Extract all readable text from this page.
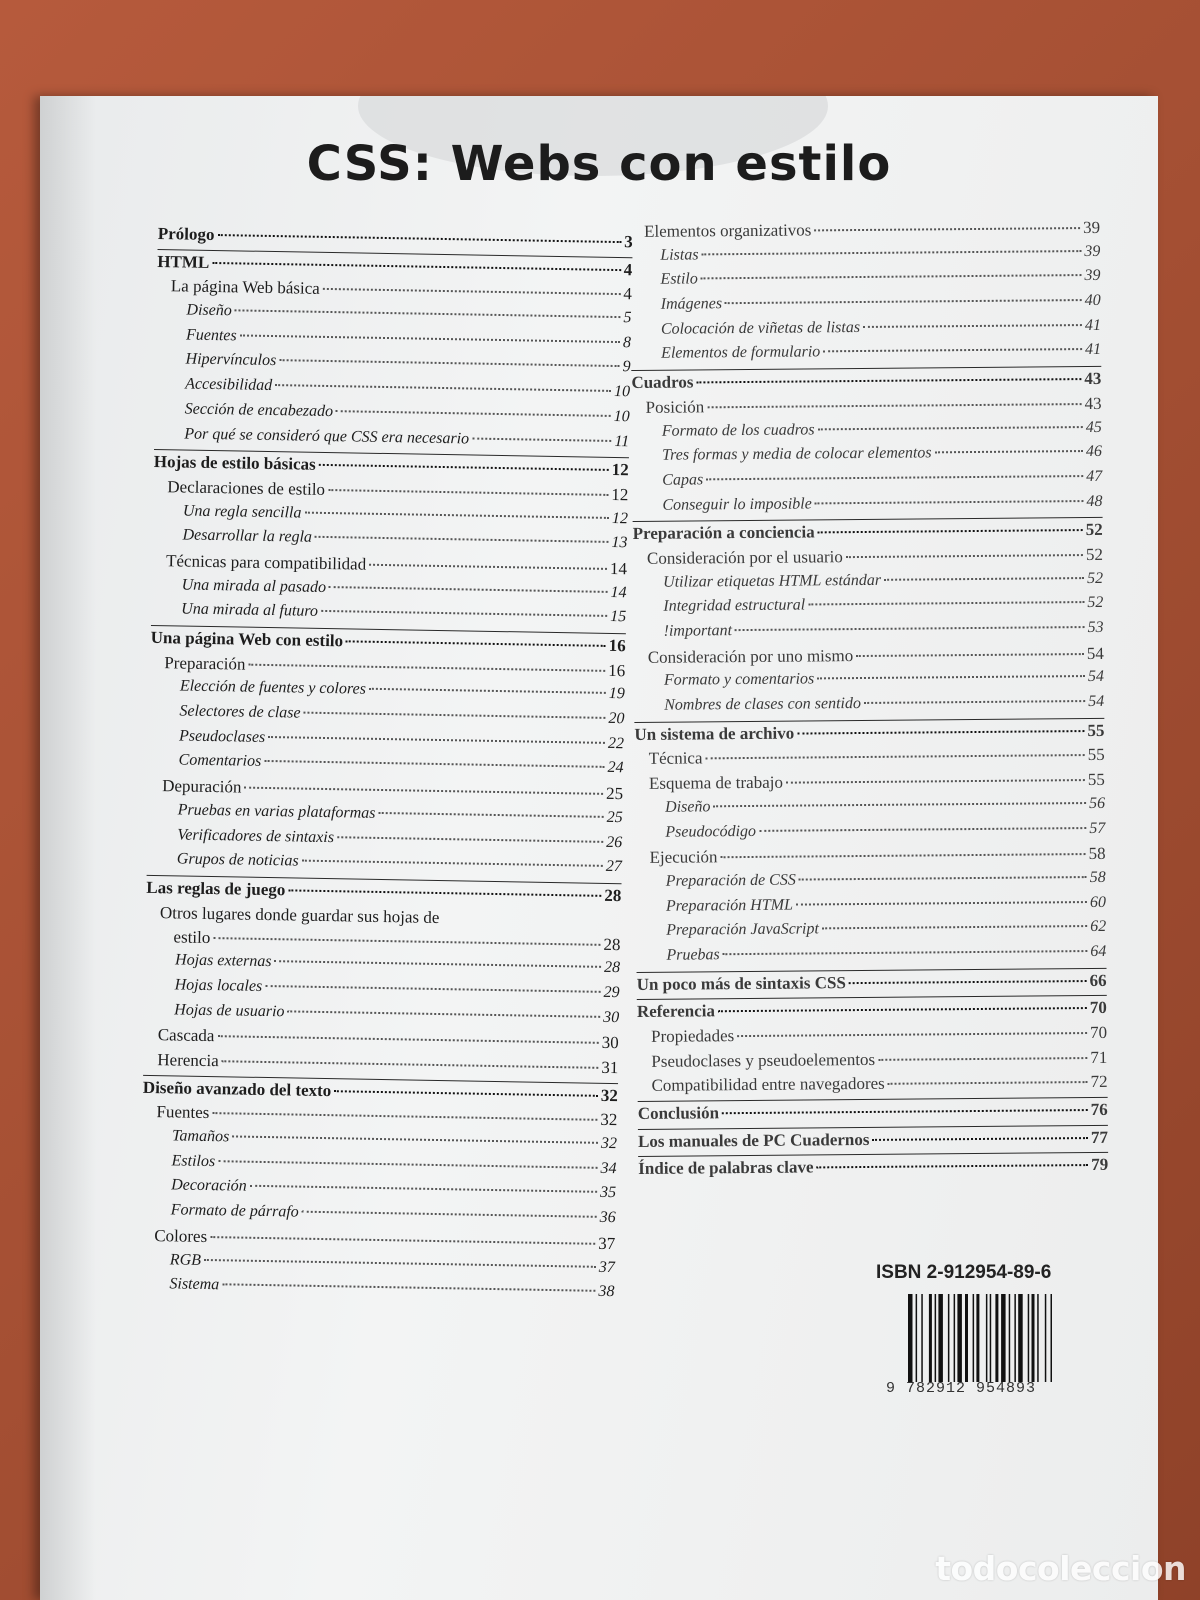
CSS: Webs con estilo
Prólogo	3
HTML	4
La página Web básica	4
Diseño	5
Fuentes	8
Hipervínculos	9
Accesibilidad	10
Sección de encabezado	10
Por qué se consideró que CSS era necesario	11
Hojas de estilo básicas	12
Declaraciones de estilo	12
Una regla sencilla	12
Desarrollar la regla	13
Técnicas para compatibilidad	14
Una mirada al pasado	14
Una mirada al futuro	15
Una página Web con estilo	16
Preparación	16
Elección de fuentes y colores	19
Selectores de clase	20
Pseudoclases	22
Comentarios	24
Depuración	25
Pruebas en varias plataformas	25
Verificadores de sintaxis	26
Grupos de noticias	27
Las reglas de juego	28
Otros lugares donde guardar sus hojas de
estilo	28
Hojas externas	28
Hojas locales	29
Hojas de usuario	30
Cascada	30
Herencia	31
Diseño avanzado del texto	32
Fuentes	32
Tamaños	32
Estilos	34
Decoración	35
Formato de párrafo	36
Colores	37
RGB	37
Sistema	38
Elementos organizativos	39
Listas	39
Estilo	39
Imágenes	40
Colocación de viñetas de listas	41
Elementos de formulario	41
Cuadros	43
Posición	43
Formato de los cuadros	45
Tres formas y media de colocar elementos	46
Capas	47
Conseguir lo imposible	48
Preparación a conciencia	52
Consideración por el usuario	52
Utilizar etiquetas HTML estándar	52
Integridad estructural	52
!important	53
Consideración por uno mismo	54
Formato y comentarios	54
Nombres de clases con sentido	54
Un sistema de archivo	55
Técnica	55
Esquema de trabajo	55
Diseño	56
Pseudocódigo	57
Ejecución	58
Preparación de CSS	58
Preparación HTML	60
Preparación JavaScript	62
Pruebas	64
Un poco más de sintaxis CSS	66
Referencia	70
Propiedades	70
Pseudoclases y pseudoelementos	71
Compatibilidad entre navegadores	72
Conclusión	76
Los manuales de PC Cuadernos	77
Índice de palabras clave	79

ISBN 2-912954-89-6

9 782912 954893

todocoleccion
